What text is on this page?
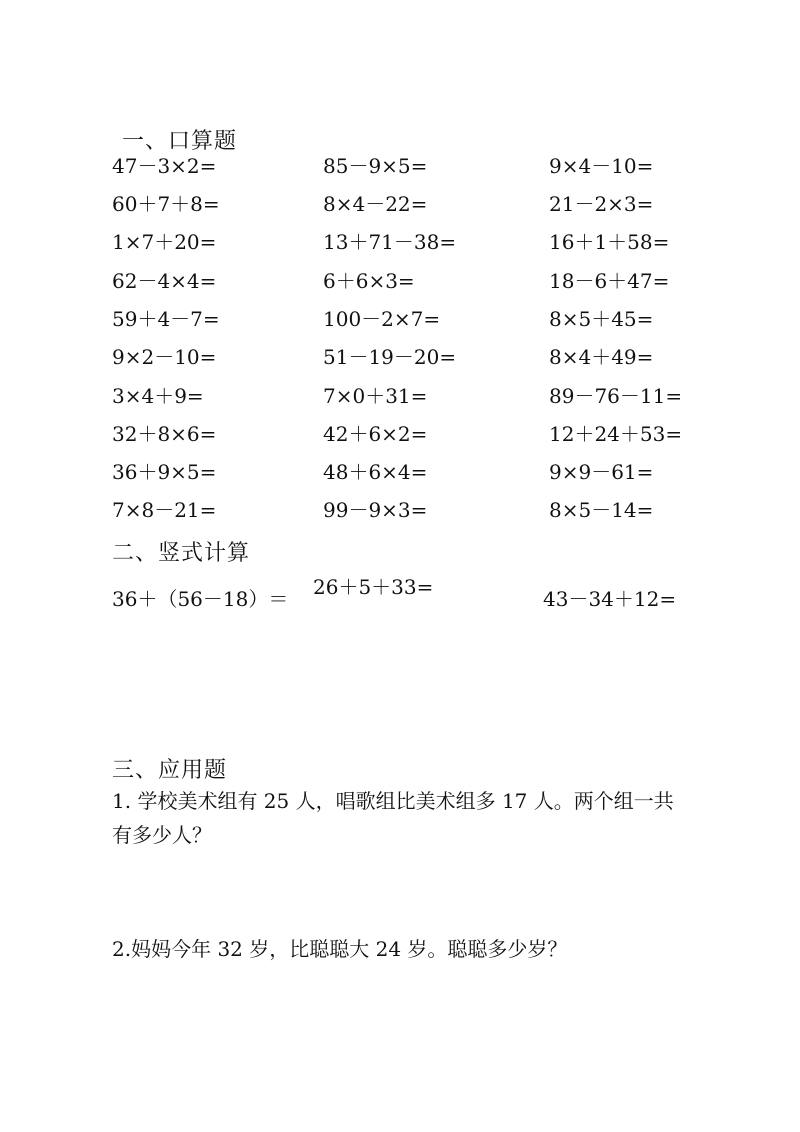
一、口算题
47－3×2=	85－9×5=	9×4－10=
60＋7＋8=	8×4－22=	21－2×3=
1×7＋20=	13＋71－38=	16＋1＋58=
62－4×4=	6＋6×3=	18－6＋47=
59＋4－7=	100－2×7=	8×5＋45=
9×2－10=	51－19－20=	8×4＋49=
3×4＋9=	7×0＋31=	89－76－11=
32＋8×6=	42＋6×2=	12＋24＋53=
36＋9×5=	48＋6×4=	9×9－61=
7×8－21=	99－9×3=	8×5－14=
二、竖式计算
36＋（56－18）＝ 26＋5＋33=	43－34＋12=
三、应用题
1. 学校美术组有 25 人，唱歌组比美术组多 17 人。两个组一共有多少人？
2.妈妈今年 32 岁，比聪聪大 24 岁。聪聪多少岁？
